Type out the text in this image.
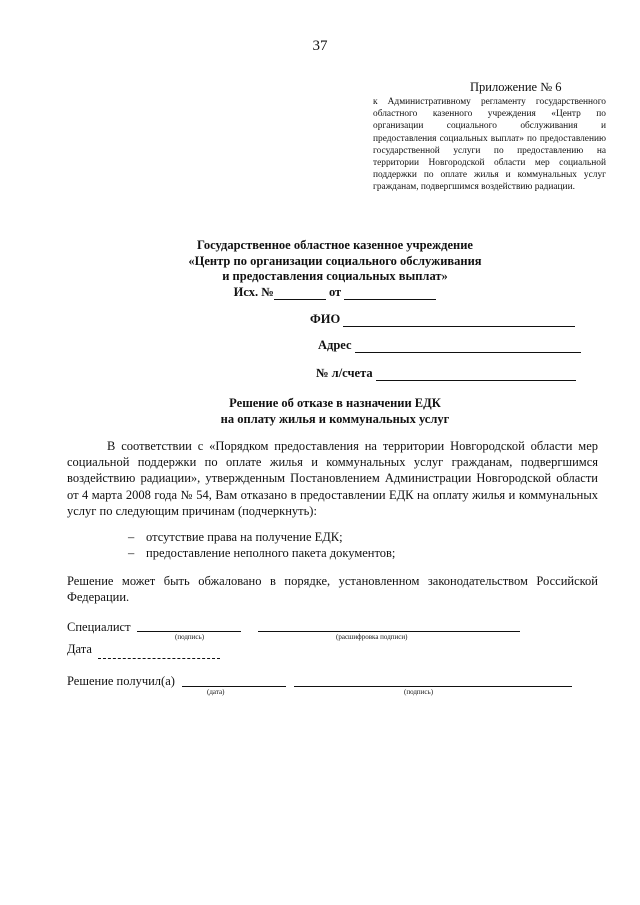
37
Приложение № 6
к Административному регламенту государственного областного казенного учреждения «Центр по организации социального обслуживания и предоставления социальных выплат» по предоставлению государственной услуги по предоставлению на территории Новгородской области мер социальной поддержки по оплате жилья и коммунальных услуг гражданам, подвергшимся воздействию радиации.
Государственное областное казенное учреждение
«Центр по организации социального обслуживания
и предоставления социальных выплат»
Исх. №	от
ФИО
Адрес
№ л/счета
Решение об отказе в назначении ЕДК
на оплату жилья и коммунальных услуг
В соответствии с «Порядком предоставления на территории Новгородской области мер социальной поддержки по оплате жилья и коммунальных услуг гражданам, подвергшимся воздействию радиации», утвержденным Постановлением Администрации Новгородской области от 4 марта 2008 года № 54, Вам отказано в предоставлении ЕДК на оплату жилья и коммунальных услуг по следующим причинам (подчеркнуть):
– отсутствие права на получение ЕДК;
– предоставление неполного пакета документов;
Решение может быть обжаловано в порядке, установленном законодательством Российской Федерации.
Специалист
(подпись)	(расшифровка подписи)
Дата
Решение получил(а)
(дата)	(подпись)
